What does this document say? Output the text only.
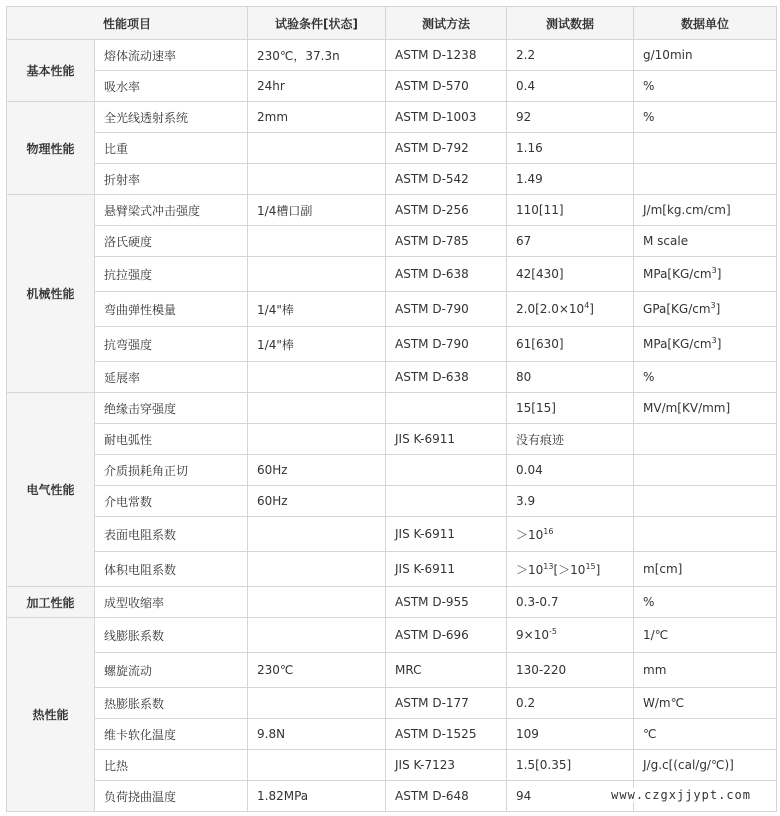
性能项目		试验条件[状态]	测试方法	测试数据	数据单位
基本性能	熔体流动速率	230℃，37.3n	ASTM D-1238	2.2	g/10min
	吸水率	24hr	ASTM D-570	0.4	%
物理性能	全光线透射系统	2mm	ASTM D-1003	92	%
	比重		ASTM D-792	1.16	
	折射率		ASTM D-542	1.49	
机械性能	悬臂梁式冲击强度	1/4槽口副	ASTM D-256	110[11]	J/m[kg.cm/cm]
	洛氏硬度		ASTM D-785	67	M scale
	抗拉强度		ASTM D-638	42[430]	$MPa[KG/cm^3]$
	弯曲弹性模量	1/4"棒	ASTM D-790	$2.0[2.0\times 10^4]$	$GPa[KG/cm^3]$
	抗弯强度	1/4"棒	ASTM D-790	61[630]	$MPa[KG/cm^3]$
	延展率		ASTM D-638	80	%
电气性能	绝缘击穿强度			15[15]	MV/m[KV/mm]
	耐电弧性		JIS K-6911	没有痕迹	
	介质损耗角正切	60Hz		0.04	
	介电常数	60Hz		3.9	
	表面电阻系数		JIS K-6911	$>10^{16}$	
	体积电阻系数		JIS K-6911	$>10^{13}[>10^{15}]$	m[cm]
加工性能	成型收缩率		ASTM D-955	0.3-0.7	%
热性能	线膨胀系数		ASTM D-696	$9\times 10^{-5}$	1/℃
	螺旋流动	230℃	MRC	130-220	mm
	热膨胀系数		ASTM D-177	0.2	W/m℃
	维卡软化温度	9.8N	ASTM D-1525	109	℃
	比热		JIS K-7123	1.5[0.35]	J/g.c[(cal/g/℃)]
	负荷挠曲温度	1.82MPa	ASTM D-648	94		www.czgxjjypt.com
